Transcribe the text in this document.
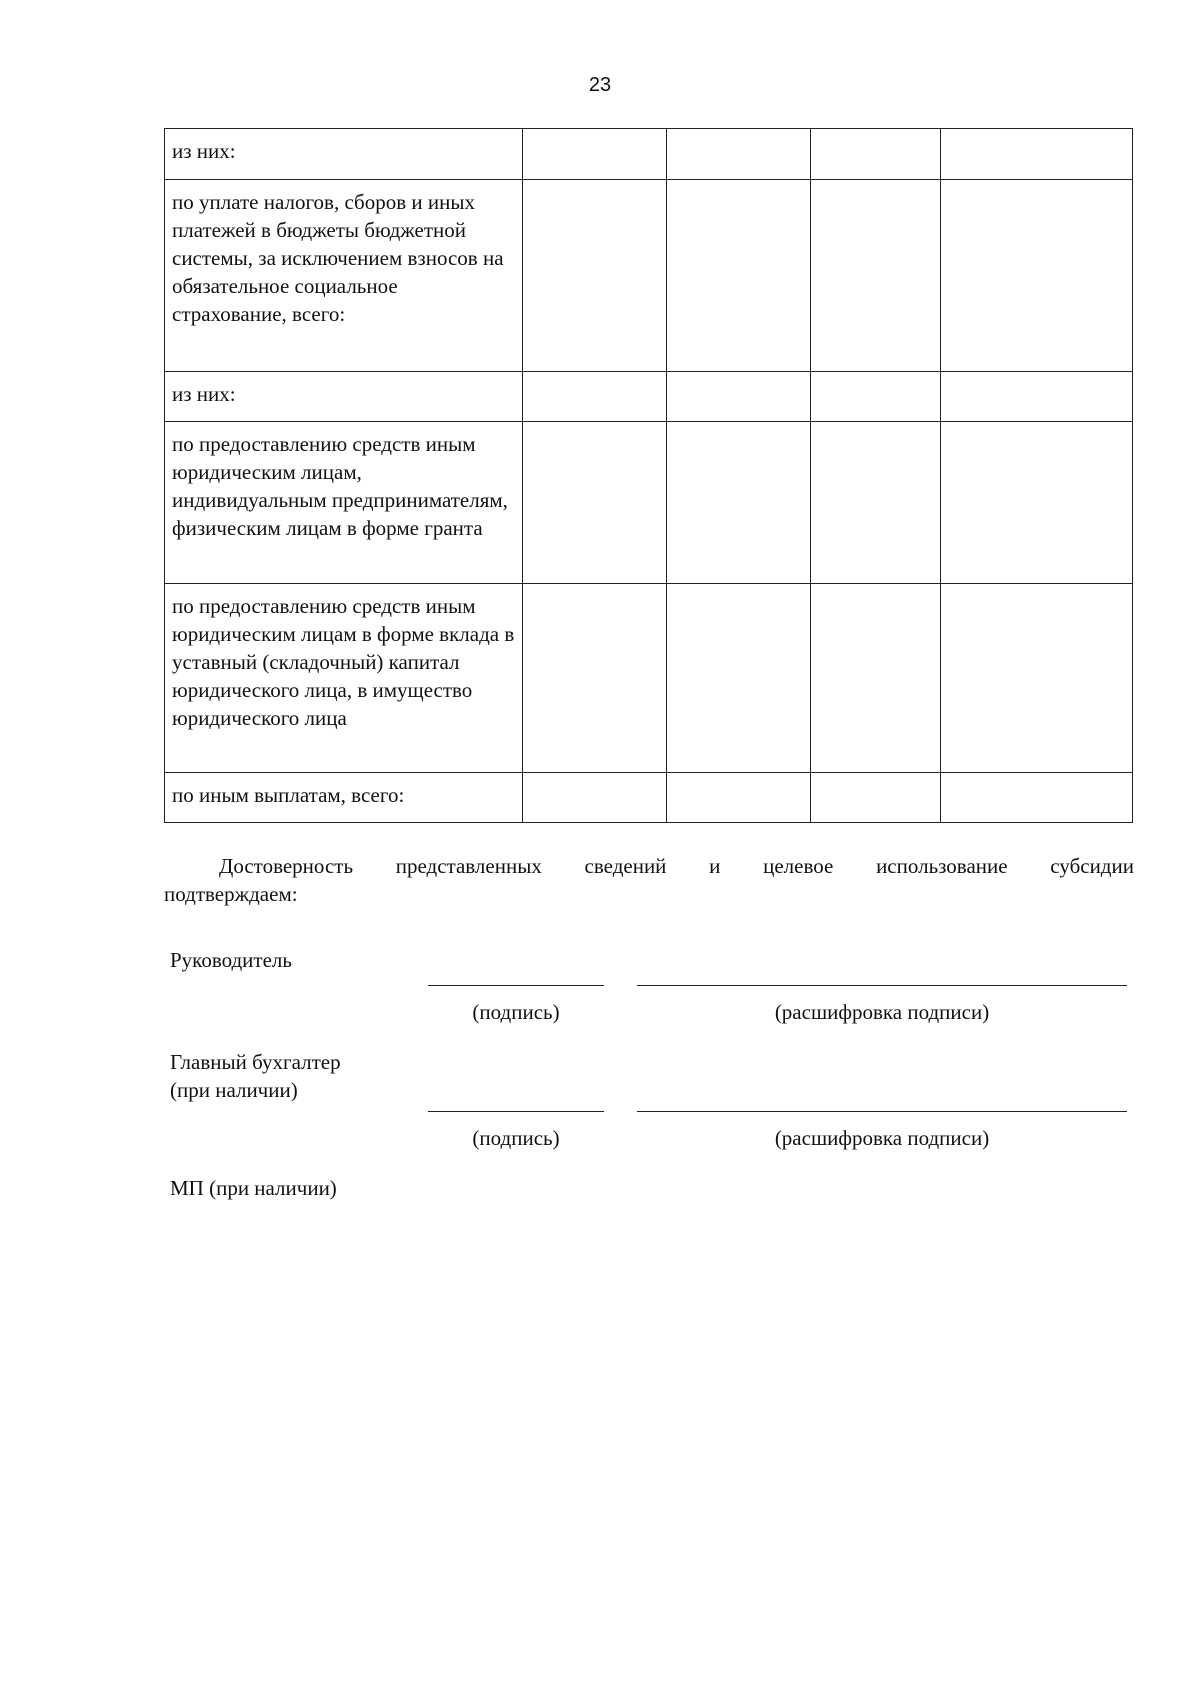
23
из них:				
по уплате налогов, сборов и иных платежей в бюджеты бюджетной системы, за исключением взносов на обязательное социальное страхование, всего:				
из них:				
по предоставлению средств иным юридическим лицам, индивидуальным предпринимателям, физическим лицам в форме гранта				
по предоставлению средств иным юридическим лицам в форме вклада в уставный (складочный) капитал юридического лица, в имущество юридического лица				
по иным выплатам, всего:				
Достоверность представленных сведений и целевое использование субсидии
подтверждаем:
Руководитель
(подпись)	(расшифровка подписи)
Главный бухгалтер
(при наличии)
(подпись)	(расшифровка подписи)
МП (при наличии)
